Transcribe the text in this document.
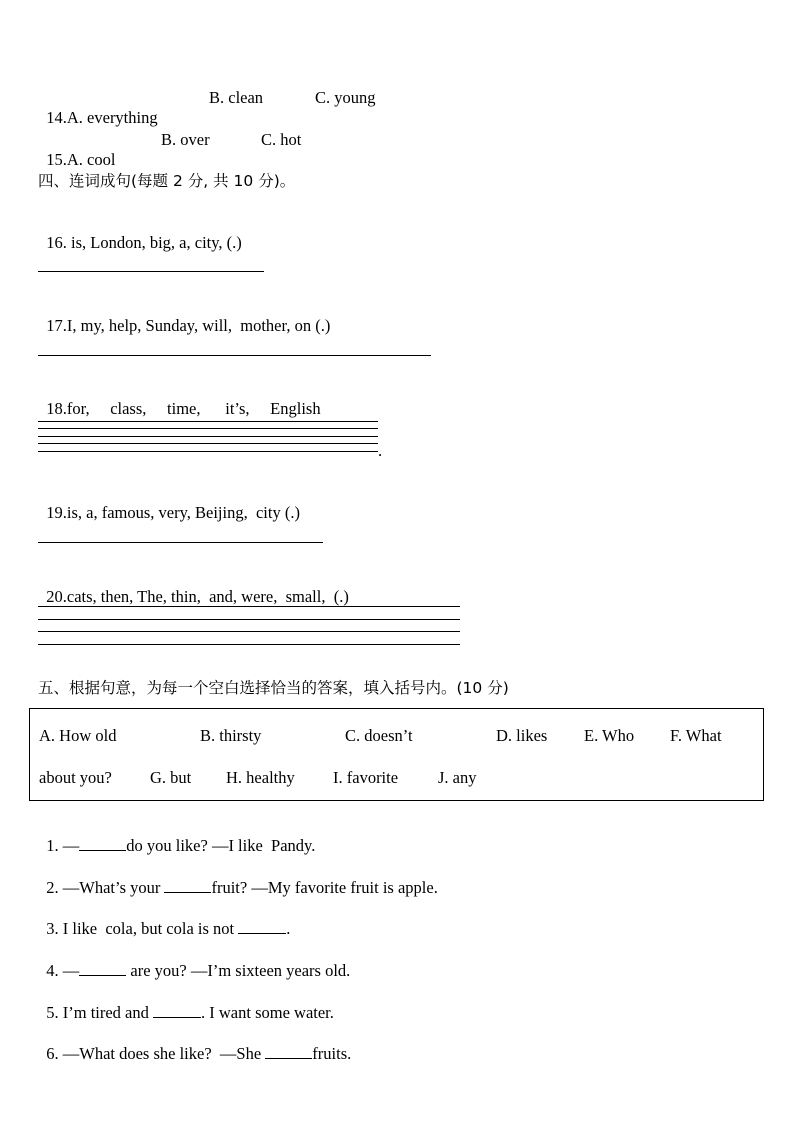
14.A. everything

B. clean	C. young

15.A. cool

B. over	C. hot
四、连词成句(每题 2 分, 共 10 分)。

16. is, London, big, a, city, (.)

17.I, my, help, Sunday, will,  mother, on (.)

18.for,     class,     time,      it’s,     English

.

19.is, a, famous, very, Beijing,  city (.)

20.cats, then, The, thin,  and, were,  small,  (.)

五、根据句意，为每一个空白选择恰当的答案，填入括号内。(10 分)
A. How old	B. thirsty	C. doesn’t	D. likes E. Who F. What
about you? G. but H. healthy I. favorite J. any

1. —	do you like? —I like  Pandy.

2. —What’s your	fruit? —My favorite fruit is apple.

3. I like  cola, but cola is not	.

4. —	are you? —I’m sixteen years old.

5. I’m tired and	. I want some water.

6. —What does she like?  —She	fruits.
